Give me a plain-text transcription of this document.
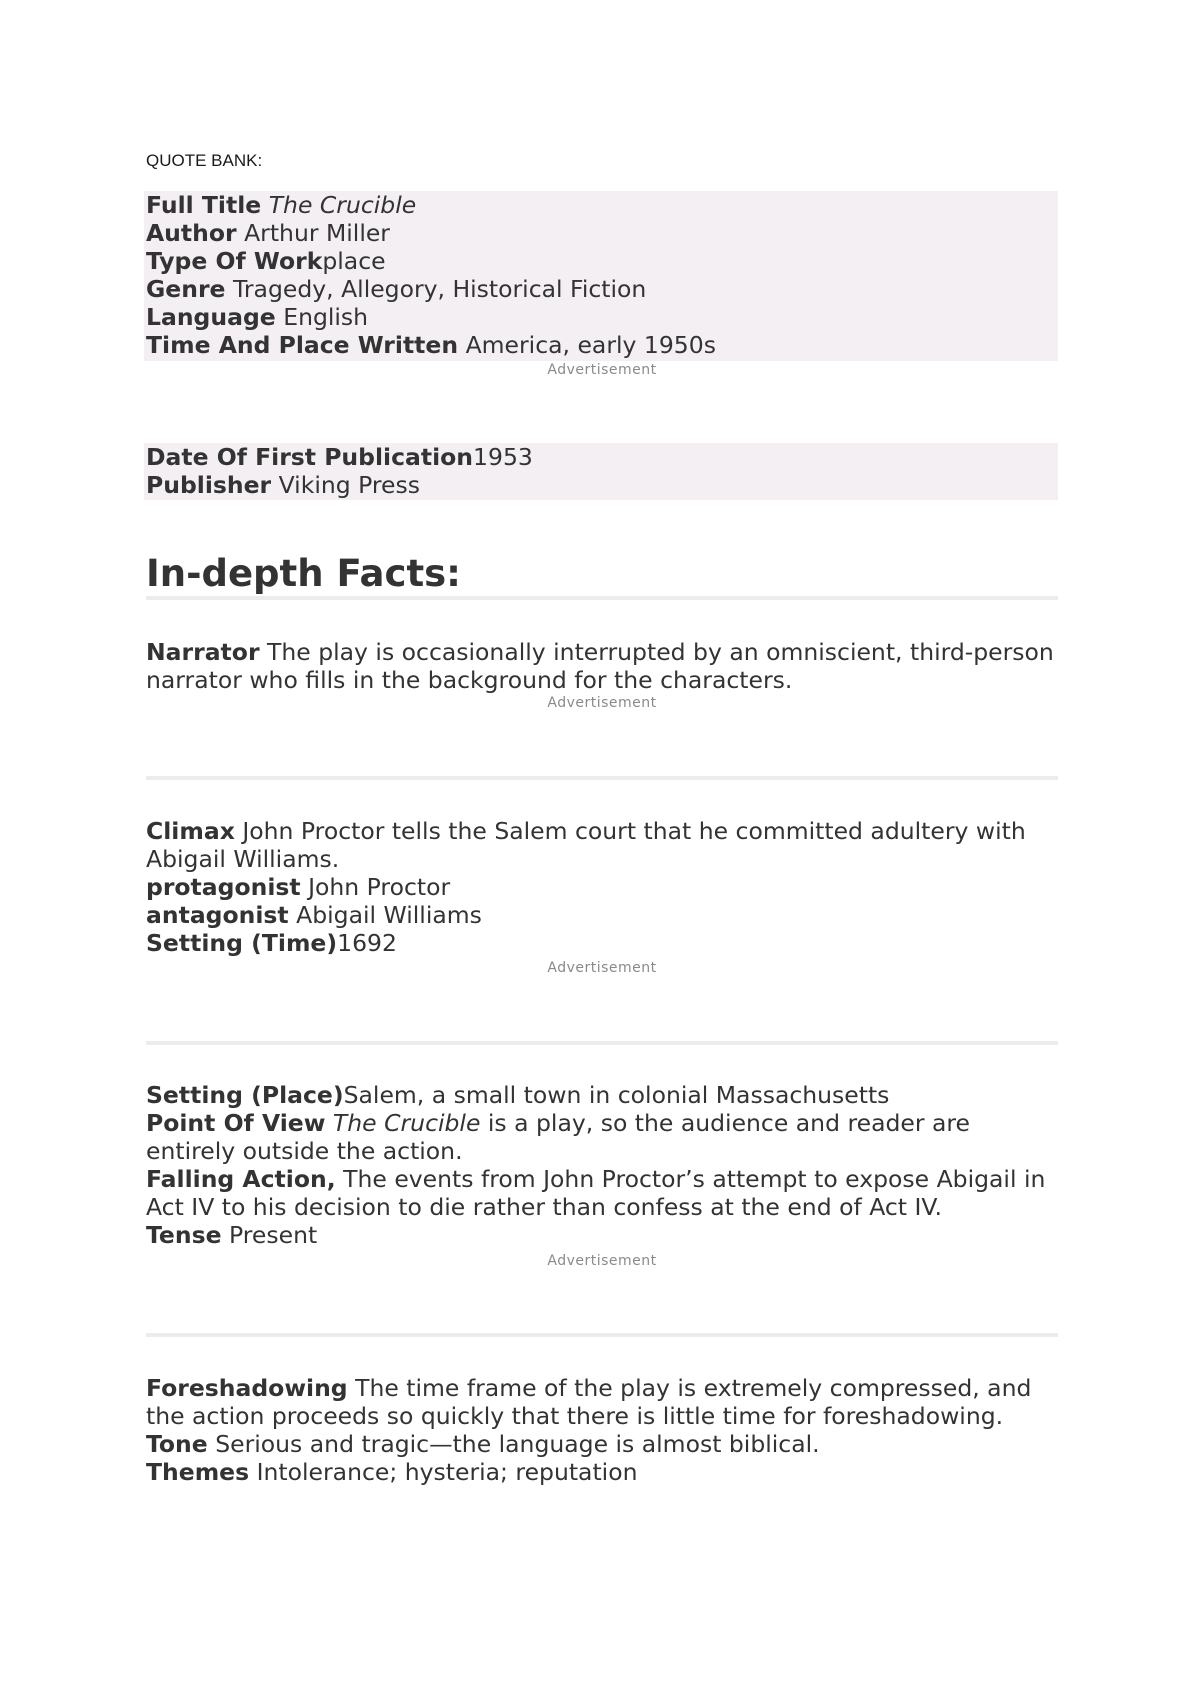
QUOTE BANK:
Full Title The Crucible
Author Arthur Miller
Type Of Workplace
Genre Tragedy, Allegory, Historical Fiction
Language English
Time And Place Written America, early 1950s
Advertisement
Date Of First Publication1953
Publisher Viking Press
In-depth Facts:
Narrator The play is occasionally interrupted by an omniscient, third-person narrator who fills in the background for the characters.
Advertisement
Climax John Proctor tells the Salem court that he committed adultery with Abigail Williams.
protagonist John Proctor
antagonist Abigail Williams
Setting (Time)1692
Advertisement
Setting (Place)Salem, a small town in colonial Massachusetts
Point Of View The Crucible is a play, so the audience and reader are entirely outside the action.
Falling Action, The events from John Proctor’s attempt to expose Abigail in Act IV to his decision to die rather than confess at the end of Act IV.
Tense Present
Advertisement
Foreshadowing The time frame of the play is extremely compressed, and the action proceeds so quickly that there is little time for foreshadowing.
Tone Serious and tragic—the language is almost biblical.
Themes Intolerance; hysteria; reputation
